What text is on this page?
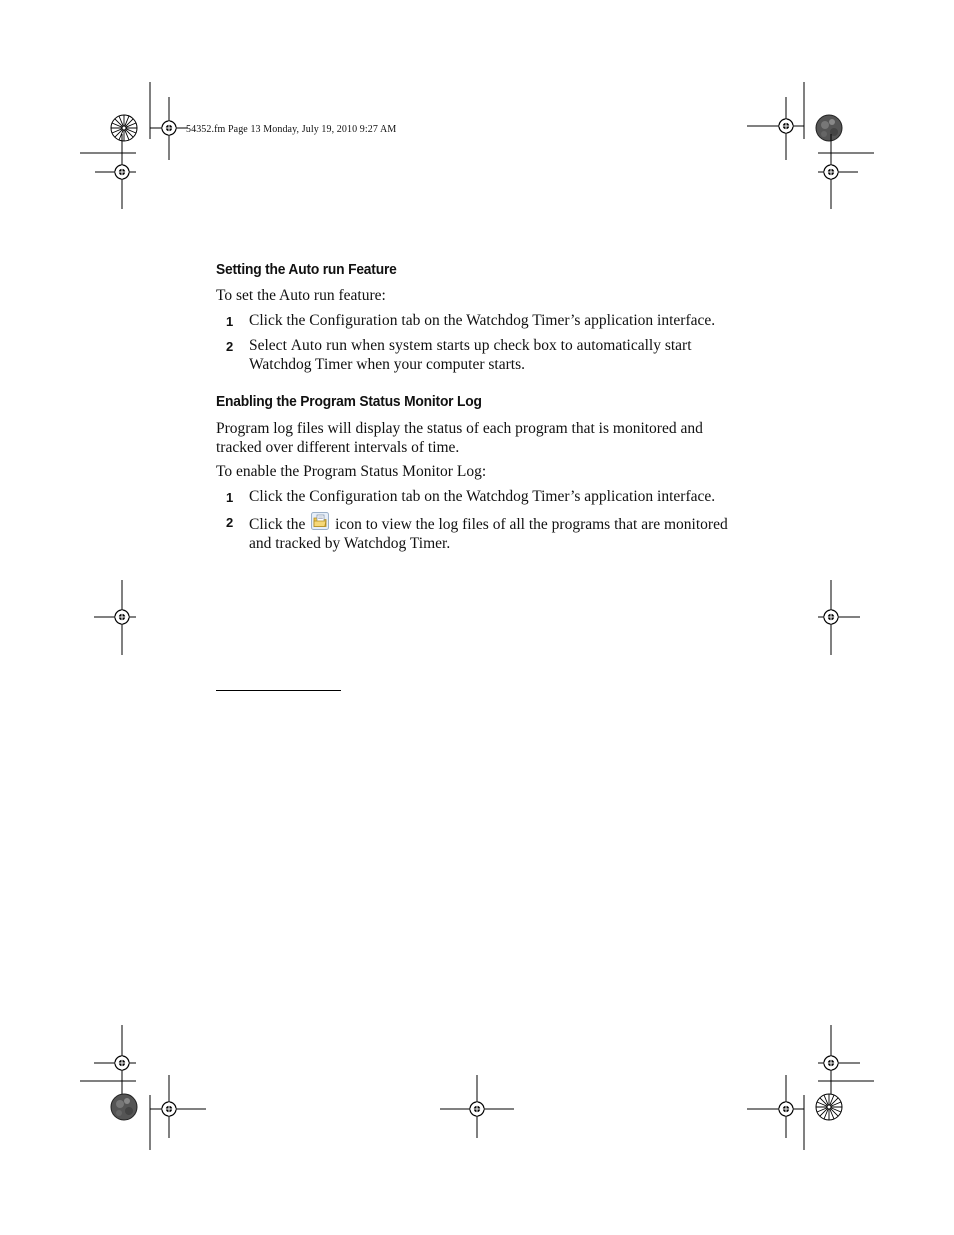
54352.fm Page 13 Monday, July 19, 2010 9:27 AM
Setting the Auto run Feature
To set the Auto run feature:
1 Click the Configuration tab on the Watchdog Timer’s application interface.
2 Select Auto run when system starts up check box to automatically start Watchdog Timer when your computer starts.
Enabling the Program Status Monitor Log
Program log files will display the status of each program that is monitored and tracked over different intervals of time.
To enable the Program Status Monitor Log:
1 Click the Configuration tab on the Watchdog Timer’s application interface.
2 Click the  icon to view the log files of all the programs that are monitored and tracked by Watchdog Timer.
